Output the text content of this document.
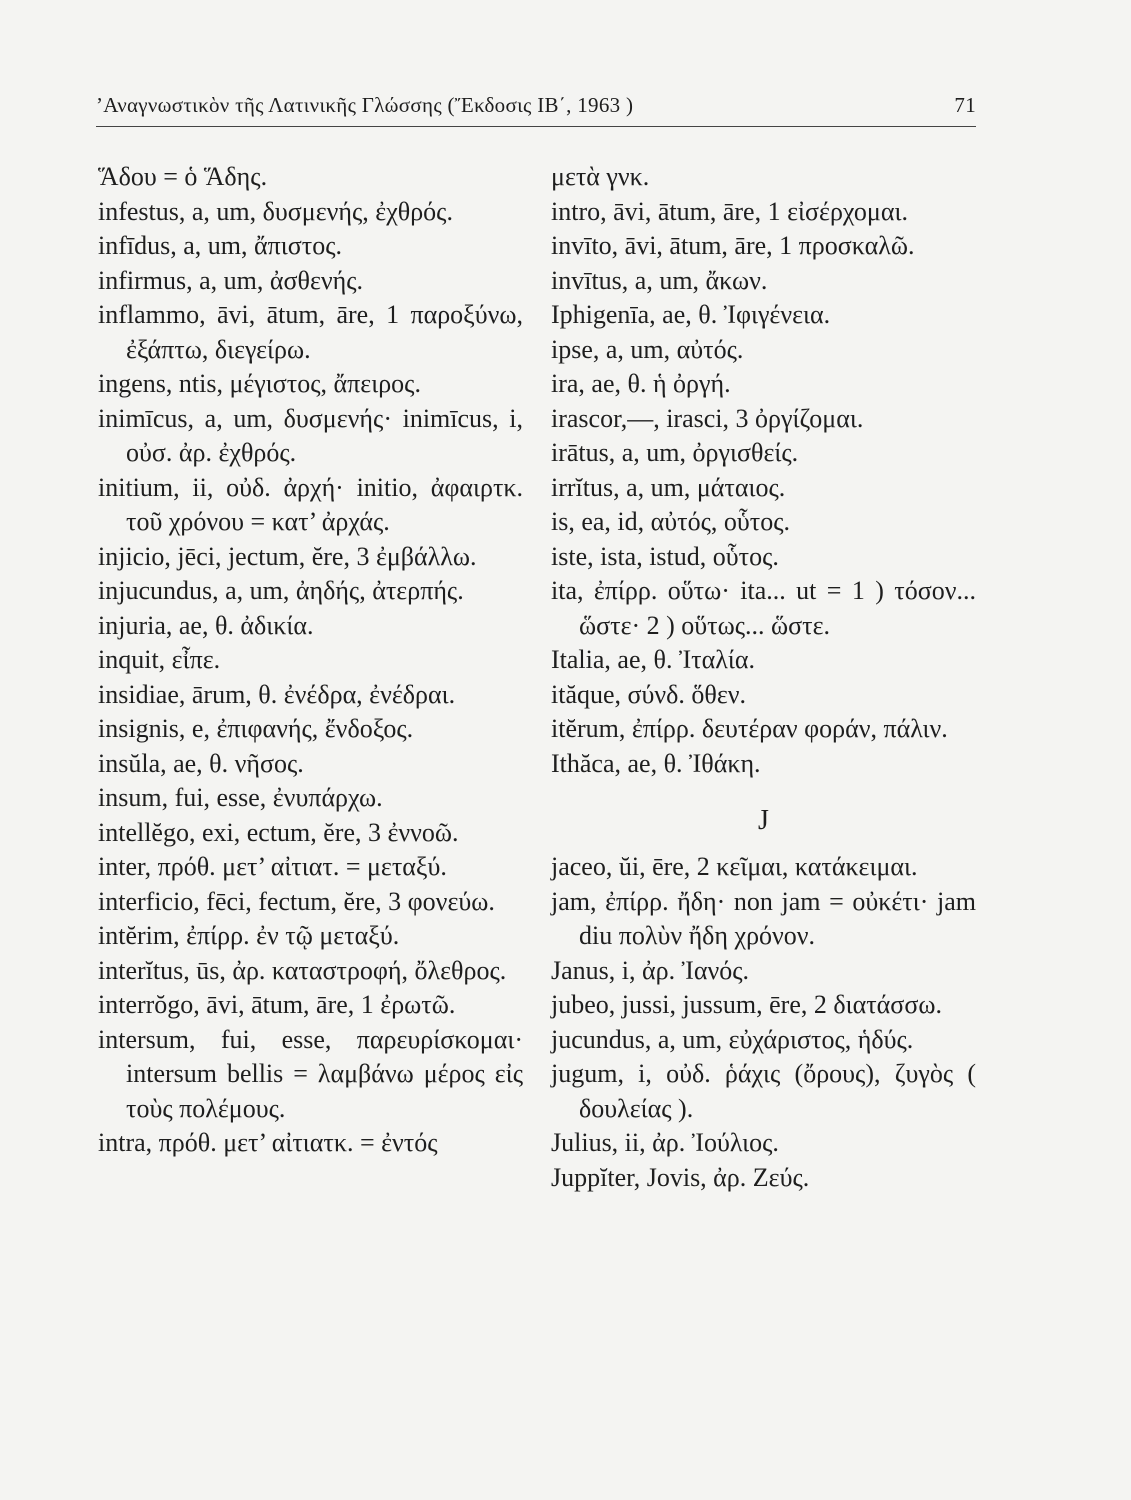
’Αναγνωστικὸν τῆς Λατινικῆς Γλώσσης (Ἔκδοσις ΙΒ΄, 1963 )	71
Ἅδου = ὁ Ἅδης.
infestus, a, um, δυσμενής, ἐχθρός.
infīdus, a, um, ἄπιστος.
infirmus, a, um, ἀσθενής.
inflammo, āvi, ātum, āre, 1 παροξύνω, ἐξάπτω, διεγείρω.
ingens, ntis, μέγιστος, ἄπειρος.
inimīcus, a, um, δυσμενής· inimīcus, i, οὐσ. ἀρ. ἐχθρός.
initium, ii, οὐδ. ἀρχή· initio, ἀφαιρτκ. τοῦ χρόνου = κατ’ ἀρχάς.
injicio, jēci, jectum, ĕre, 3 ἐμβάλλω.
injucundus, a, um, ἀηδής, ἀτερπής.
injuria, ae, θ. ἀδικία.
inquit, εἶπε.
insidiae, ārum, θ. ἐνέδρα, ἐνέδραι.
insignis, e, ἐπιφανής, ἔνδοξος.
insŭla, ae, θ. νῆσος.
insum, fui, esse, ἐνυπάρχω.
intellĕgo, exi, ectum, ĕre, 3 ἐννοῶ.
inter, πρόθ. μετ’ αἰτιατ. = μεταξύ.
interficio, fēci, fectum, ĕre, 3 φονεύω.
intĕrim, ἐπίρρ. ἐν τῷ μεταξύ.
interĭtus, ūs, ἀρ. καταστροφή, ὄλεθρος.
interrŏgo, āvi, ātum, āre, 1 ἐρωτῶ.
intersum, fui, esse, παρευρίσκομαι· intersum bellis = λαμβάνω μέρος εἰς τοὺς πολέμους.
intra, πρόθ. μετ’ αἰτιατκ. = ἐντός
μετὰ γνκ.
intro, āvi, ātum, āre, 1 εἰσέρχομαι.
invīto, āvi, ātum, āre, 1 προσκαλῶ.
invītus, a, um, ἄκων.
Iphigenīa, ae, θ. Ἰφιγένεια.
ipse, a, um, αὐτός.
ira, ae, θ. ἡ ὀργή.
irascor,—, irasci, 3 ὀργίζομαι.
irātus, a, um, ὀργισθείς.
irrĭtus, a, um, μάταιος.
is, ea, id, αὐτός, οὗτος.
iste, ista, istud, οὗτος.
ita, ἐπίρρ. οὕτω· ita... ut = 1 ) τόσον... ὥστε· 2 ) οὕτως... ὥστε.
Italia, ae, θ. Ἰταλία.
ităque, σύνδ. ὅθεν.
itĕrum, ἐπίρρ. δευτέραν φοράν, πάλιν.
Ithăca, ae, θ. Ἰθάκη.
J
jaceo, ŭi, ēre, 2 κεῖμαι, κατάκειμαι.
jam, ἐπίρρ. ἤδη· non jam = οὐκέτι· jam diu πολὺν ἤδη χρόνον.
Janus, i, ἀρ. Ἰανός.
jubeo, jussi, jussum, ēre, 2 διατάσσω.
jucundus, a, um, εὐχάριστος, ἡδύς.
jugum, i, οὐδ. ῥάχις (ὄρους), ζυγὸς ( δουλείας ).
Julius, ii, ἀρ. Ἰούλιος.
Juppĭter, Jovis, ἀρ. Ζεύς.
